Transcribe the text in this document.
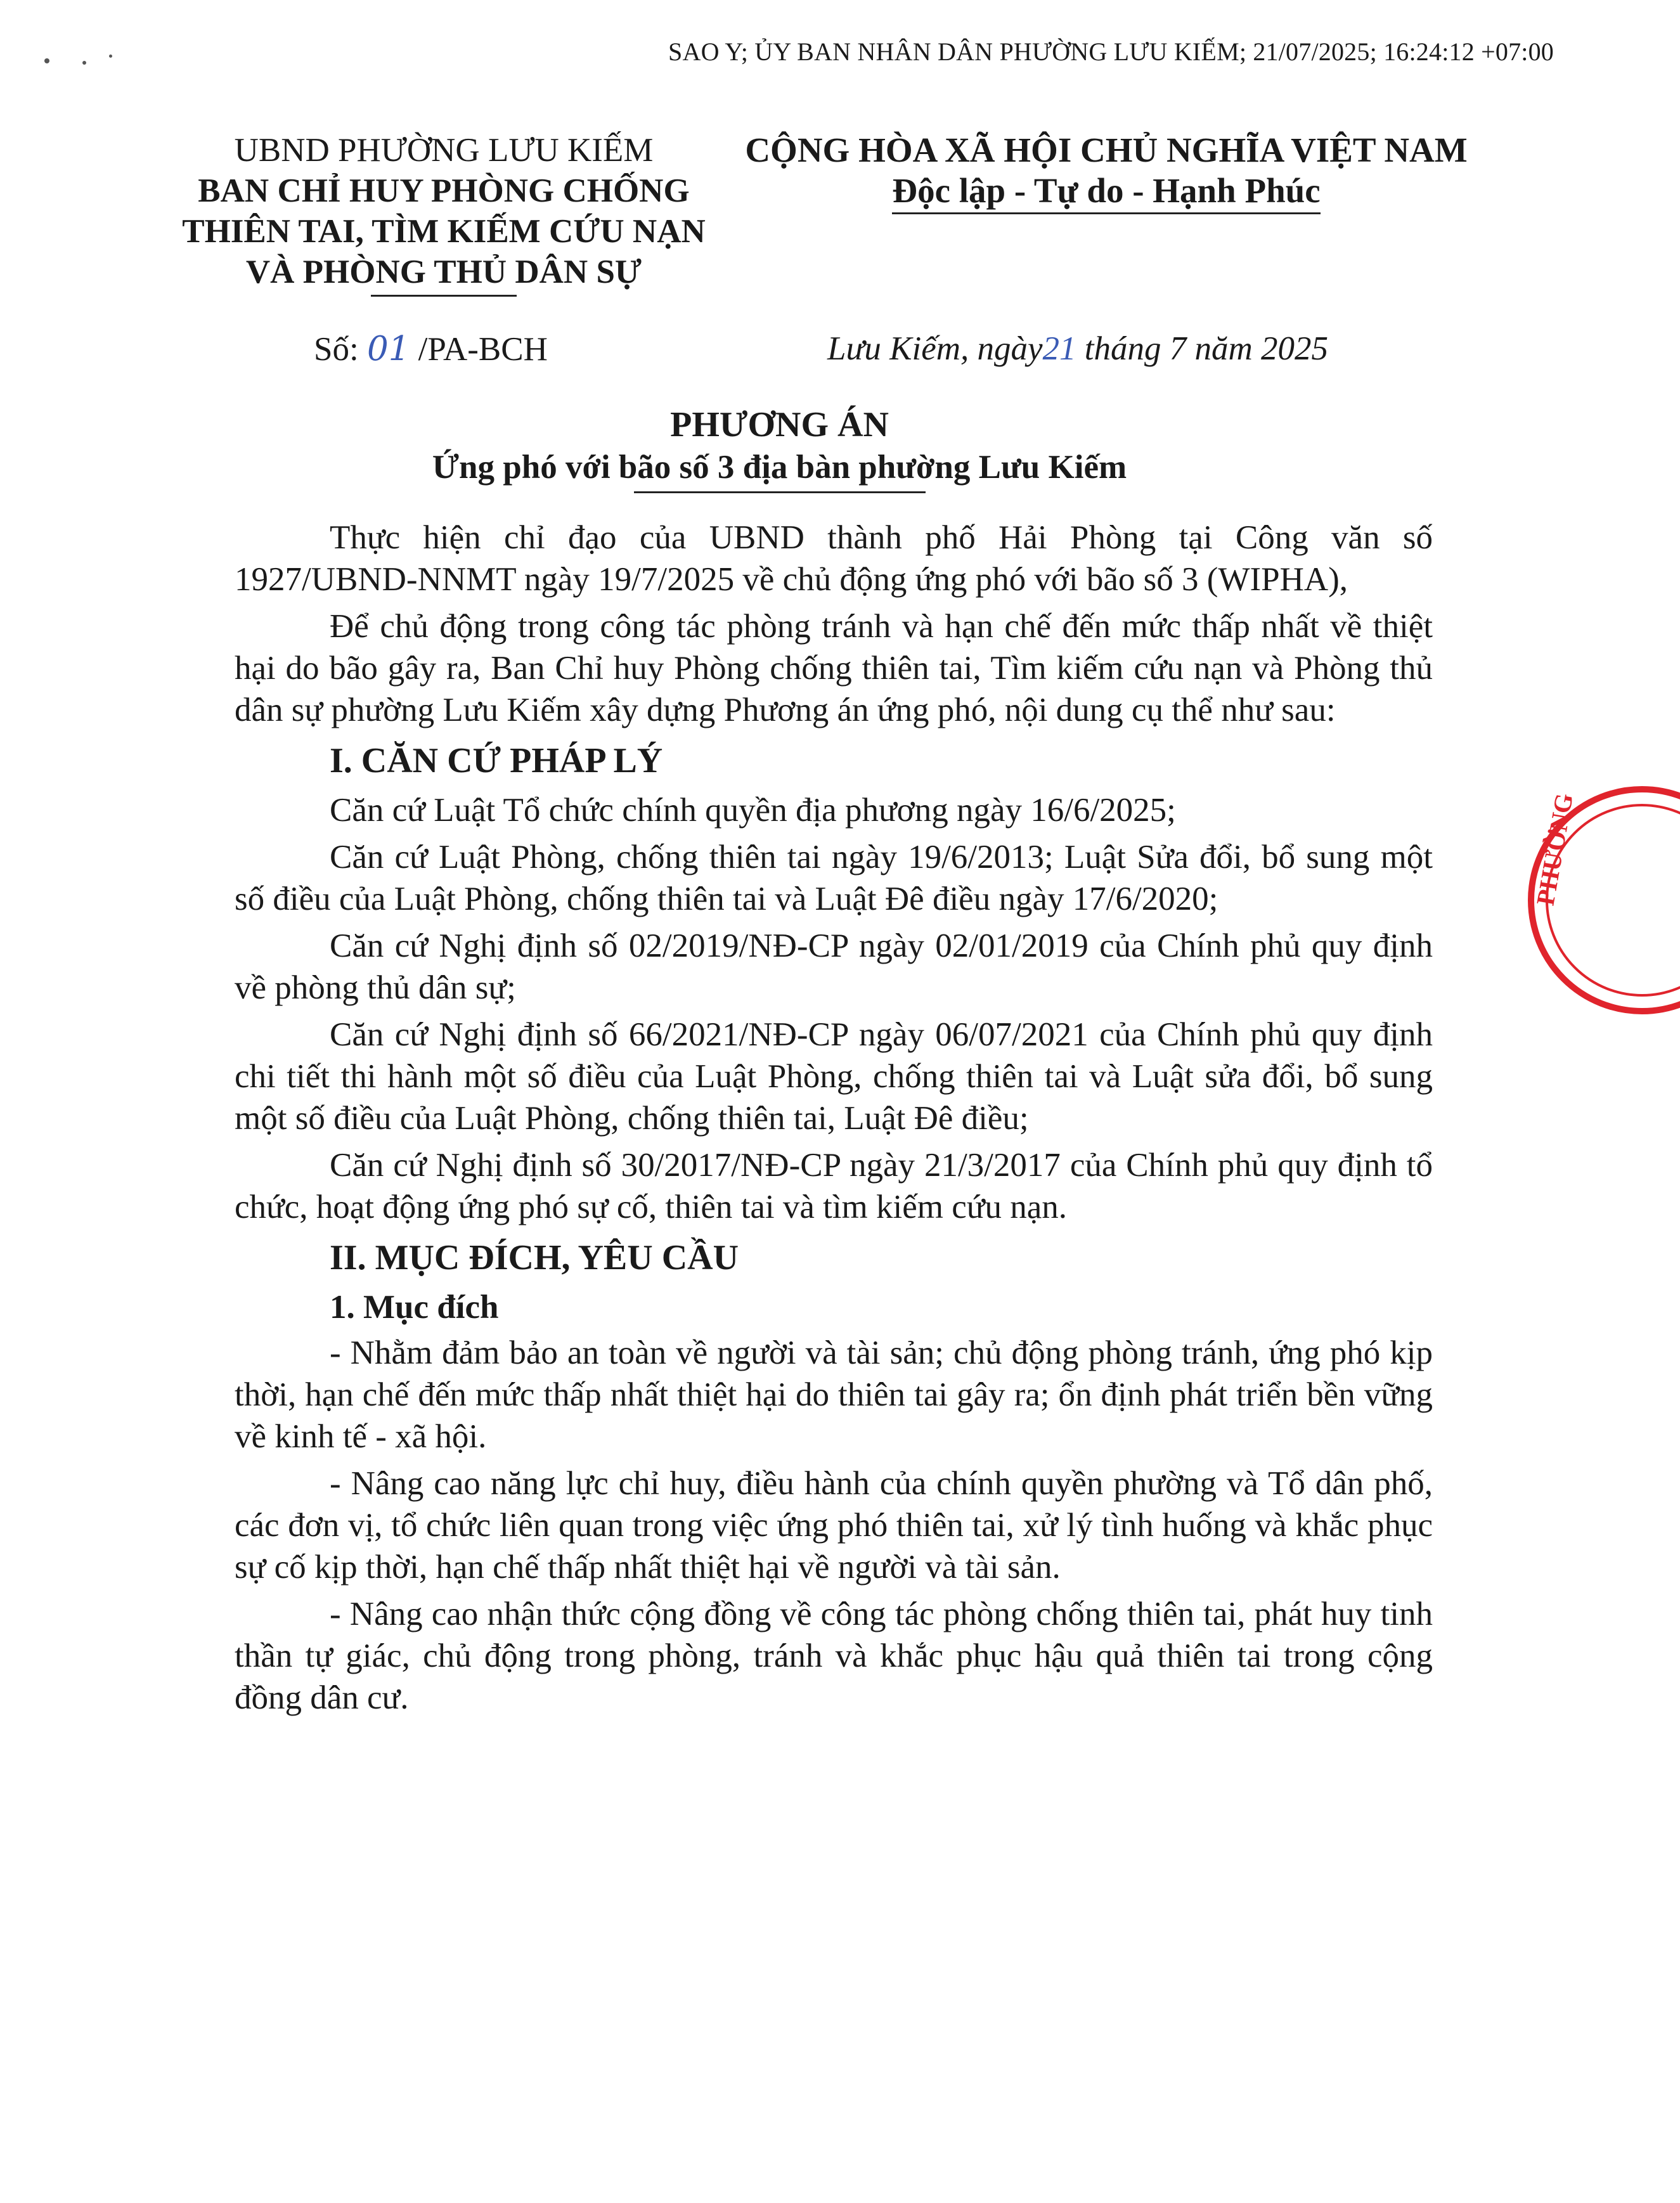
SAO Y; ỦY BAN NHÂN DÂN PHƯỜNG LƯU KIẾM; 21/07/2025; 16:24:12 +07:00
UBND PHƯỜNG LƯU KIẾM
BAN CHỈ HUY PHÒNG CHỐNG
THIÊN TAI, TÌM KIẾM CỨU NẠN
VÀ PHÒNG THỦ DÂN SỰ
CỘNG HÒA XÃ HỘI CHỦ NGHĨA VIỆT NAM
Độc lập - Tự do - Hạnh Phúc
Số: 01 /PA-BCH	Lưu Kiếm, ngày21 tháng 7 năm 2025
PHƯƠNG ÁN
Ứng phó với bão số 3 địa bàn phường Lưu Kiếm

Thực hiện chỉ đạo của UBND thành phố Hải Phòng tại Công văn số 1927/UBND-NNMT ngày 19/7/2025 về chủ động ứng phó với bão số 3 (WIPHA),

Để chủ động trong công tác phòng tránh và hạn chế đến mức thấp nhất về thiệt hại do bão gây ra, Ban Chỉ huy Phòng chống thiên tai, Tìm kiếm cứu nạn và Phòng thủ dân sự phường Lưu Kiếm xây dựng Phương án ứng phó, nội dung cụ thể như sau:

I. CĂN CỨ PHÁP LÝ

Căn cứ Luật Tổ chức chính quyền địa phương ngày 16/6/2025;

Căn cứ Luật Phòng, chống thiên tai ngày 19/6/2013; Luật Sửa đổi, bổ sung một số điều của Luật Phòng, chống thiên tai và Luật Đê điều ngày 17/6/2020;

Căn cứ Nghị định số 02/2019/NĐ-CP ngày 02/01/2019 của Chính phủ quy định về phòng thủ dân sự;

Căn cứ Nghị định số 66/2021/NĐ-CP ngày 06/07/2021 của Chính phủ quy định chi tiết thi hành một số điều của Luật Phòng, chống thiên tai và Luật sửa đổi, bổ sung một số điều của Luật Phòng, chống thiên tai, Luật Đê điều;

Căn cứ Nghị định số 30/2017/NĐ-CP ngày 21/3/2017 của Chính phủ quy định tổ chức, hoạt động ứng phó sự cố, thiên tai và tìm kiếm cứu nạn.

II. MỤC ĐÍCH, YÊU CẦU
1. Mục đích

- Nhằm đảm bảo an toàn về người và tài sản; chủ động phòng tránh, ứng phó kịp thời, hạn chế đến mức thấp nhất thiệt hại do thiên tai gây ra; ổn định phát triển bền vững về kinh tế - xã hội.

- Nâng cao năng lực chỉ huy, điều hành của chính quyền phường và Tổ dân phố, các đơn vị, tổ chức liên quan trong việc ứng phó thiên tai, xử lý tình huống và khắc phục sự cố kịp thời, hạn chế thấp nhất thiệt hại về người và tài sản.

- Nâng cao nhận thức cộng đồng về công tác phòng chống thiên tai, phát huy tinh thần tự giác, chủ động trong phòng, tránh và khắc phục hậu quả thiên tai trong cộng đồng dân cư.

PHƯỜNG
